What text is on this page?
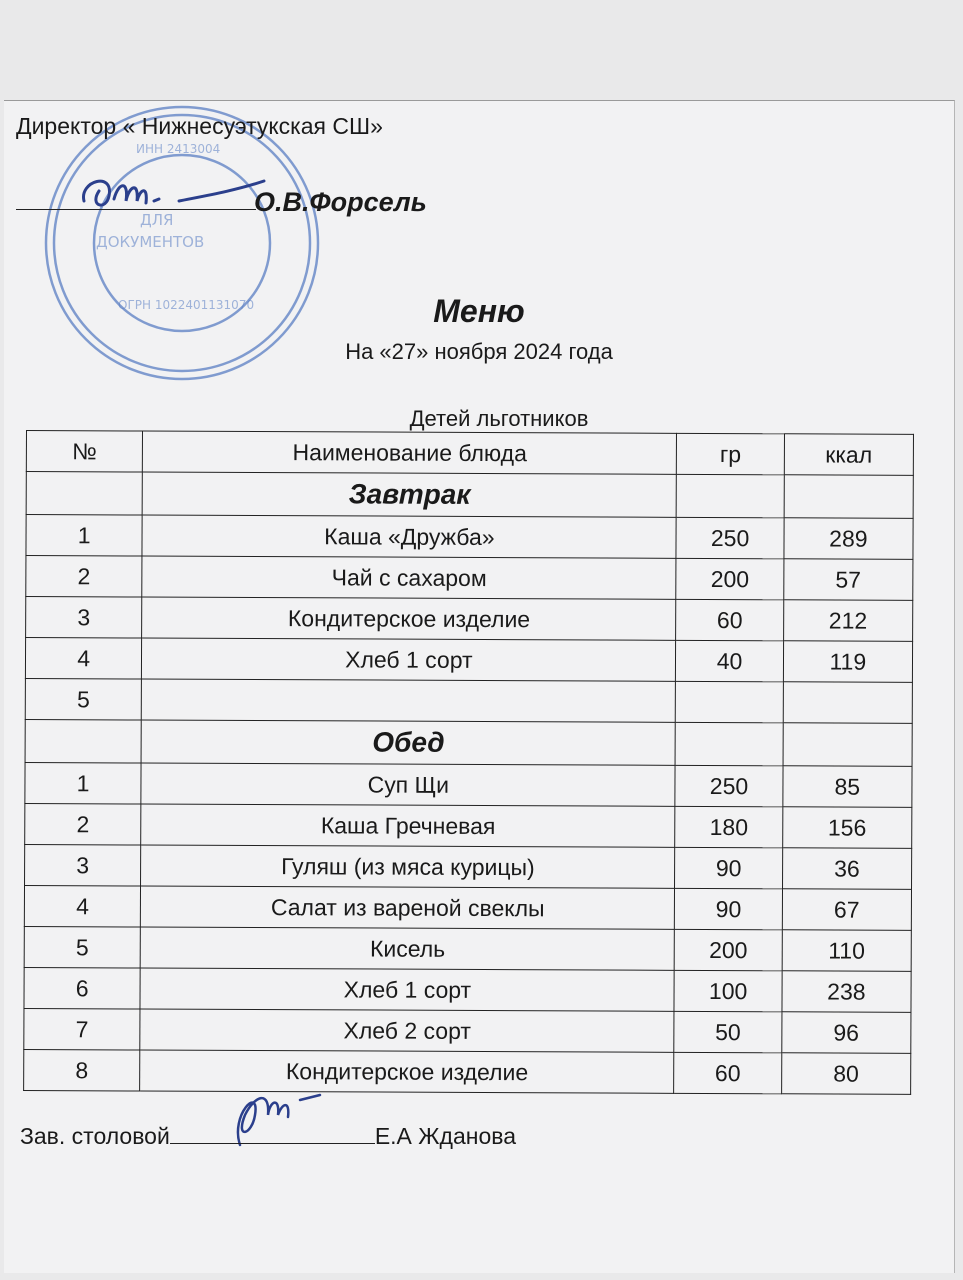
ДЛЯ
ДОКУМЕНТОВ
ОГРН 1022401131070
ИНН 2413004
Директор « Нижнесуэтукская СШ»
О.В.Форсель
Меню
На «27» ноября 2024 года
Детей льготников
№	Наименование блюда	гр	ккал
	Завтрак		
1	Каша «Дружба»	250	289
2	Чай с сахаром	200	57
3	Кондитерское изделие	60	212
4	Хлеб 1 сорт	40	119
5			
	Обед		
1	Суп Щи	250	85
2	Каша Гречневая	180	156
3	Гуляш (из мяса курицы)	90	36
4	Салат из вареной свеклы	90	67
5	Кисель	200	110
6	Хлеб 1 сорт	100	238
7	Хлеб 2 сорт	50	96
8	Кондитерское изделие	60	80
Зав. столовой	Е.А Жданова
